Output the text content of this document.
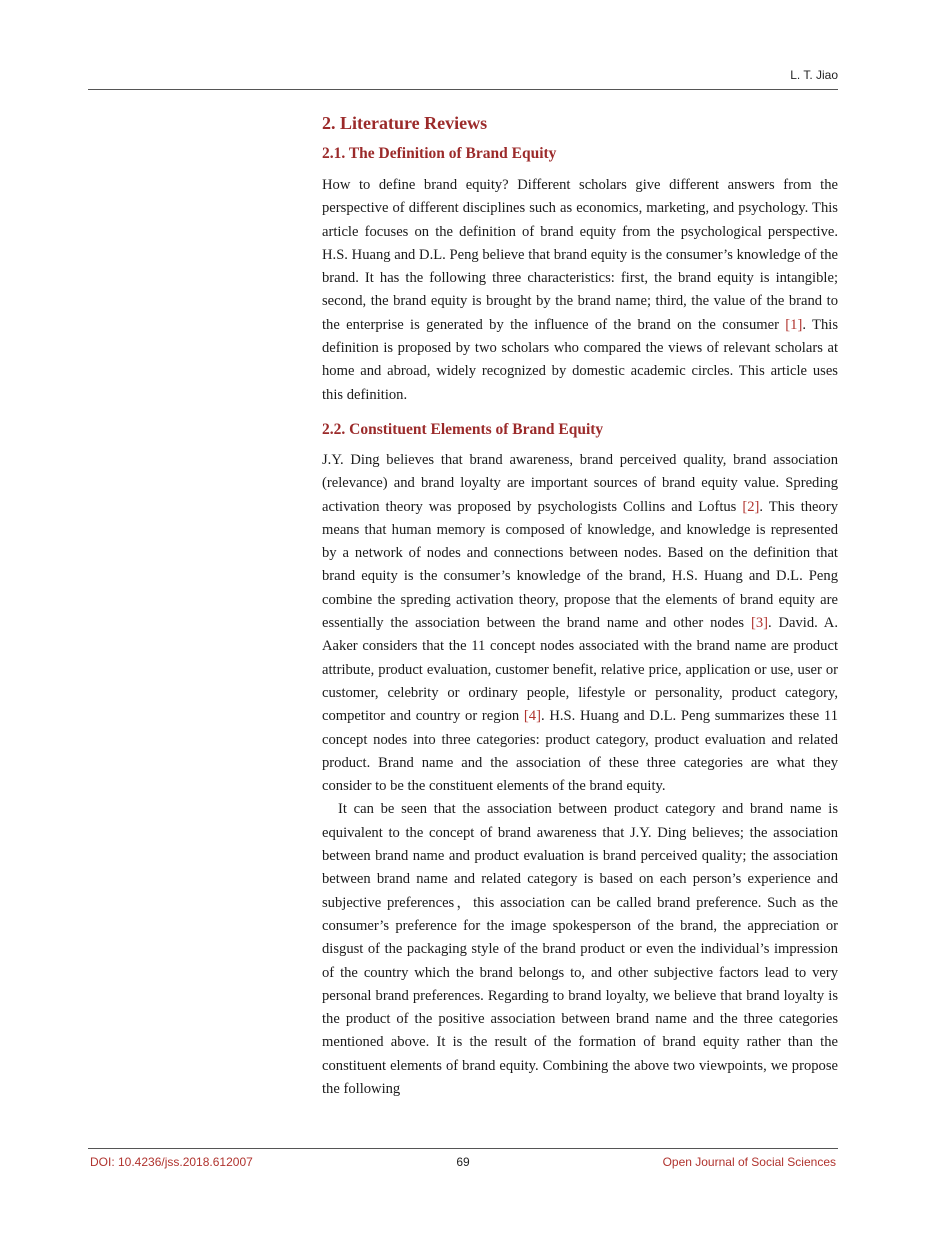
L. T. Jiao
2. Literature Reviews
2.1. The Definition of Brand Equity

How to define brand equity? Different scholars give different answers from the perspective of different disciplines such as economics, marketing, and psychology. This article focuses on the definition of brand equity from the psychological perspective. H.S. Huang and D.L. Peng believe that brand equity is the consumer’s knowledge of the brand. It has the following three characteristics: first, the brand equity is intangible; second, the brand equity is brought by the brand name; third, the value of the brand to the enterprise is generated by the influence of the brand on the consumer [1]. This definition is proposed by two scholars who compared the views of relevant scholars at home and abroad, widely recognized by domestic academic circles. This article uses this definition.

2.2. Constituent Elements of Brand Equity

J.Y. Ding believes that brand awareness, brand perceived quality, brand association (relevance) and brand loyalty are important sources of brand equity value. Spreding activation theory was proposed by psychologists Collins and Loftus [2]. This theory means that human memory is composed of knowledge, and knowledge is represented by a network of nodes and connections between nodes. Based on the definition that brand equity is the consumer’s knowledge of the brand, H.S. Huang and D.L. Peng combine the spreding activation theory, propose that the elements of brand equity are essentially the association between the brand name and other nodes [3]. David. A. Aaker considers that the 11 concept nodes associated with the brand name are product attribute, product evaluation, customer benefit, relative price, application or use, user or customer, celebrity or ordinary people, lifestyle or personality, product category, competitor and country or region [4]. H.S. Huang and D.L. Peng summarizes these 11 concept nodes into three categories: product category, product evaluation and related product. Brand name and the association of these three categories are what they consider to be the constituent elements of the brand equity.

It can be seen that the association between product category and brand name is equivalent to the concept of brand awareness that J.Y. Ding believes; the association between brand name and product evaluation is brand perceived quality; the association between brand name and related category is based on each person’s experience and subjective preferences，this association can be called brand preference. Such as the consumer’s preference for the image spokesperson of the brand, the appreciation or disgust of the packaging style of the brand product or even the individual’s impression of the country which the brand belongs to, and other subjective factors lead to very personal brand preferences. Regarding to brand loyalty, we believe that brand loyalty is the product of the positive association between brand name and the three categories mentioned above. It is the result of the formation of brand equity rather than the constituent elements of brand equity. Combining the above two viewpoints, we propose the following

DOI: 10.4236/jss.2018.612007	69	Open Journal of Social Sciences
